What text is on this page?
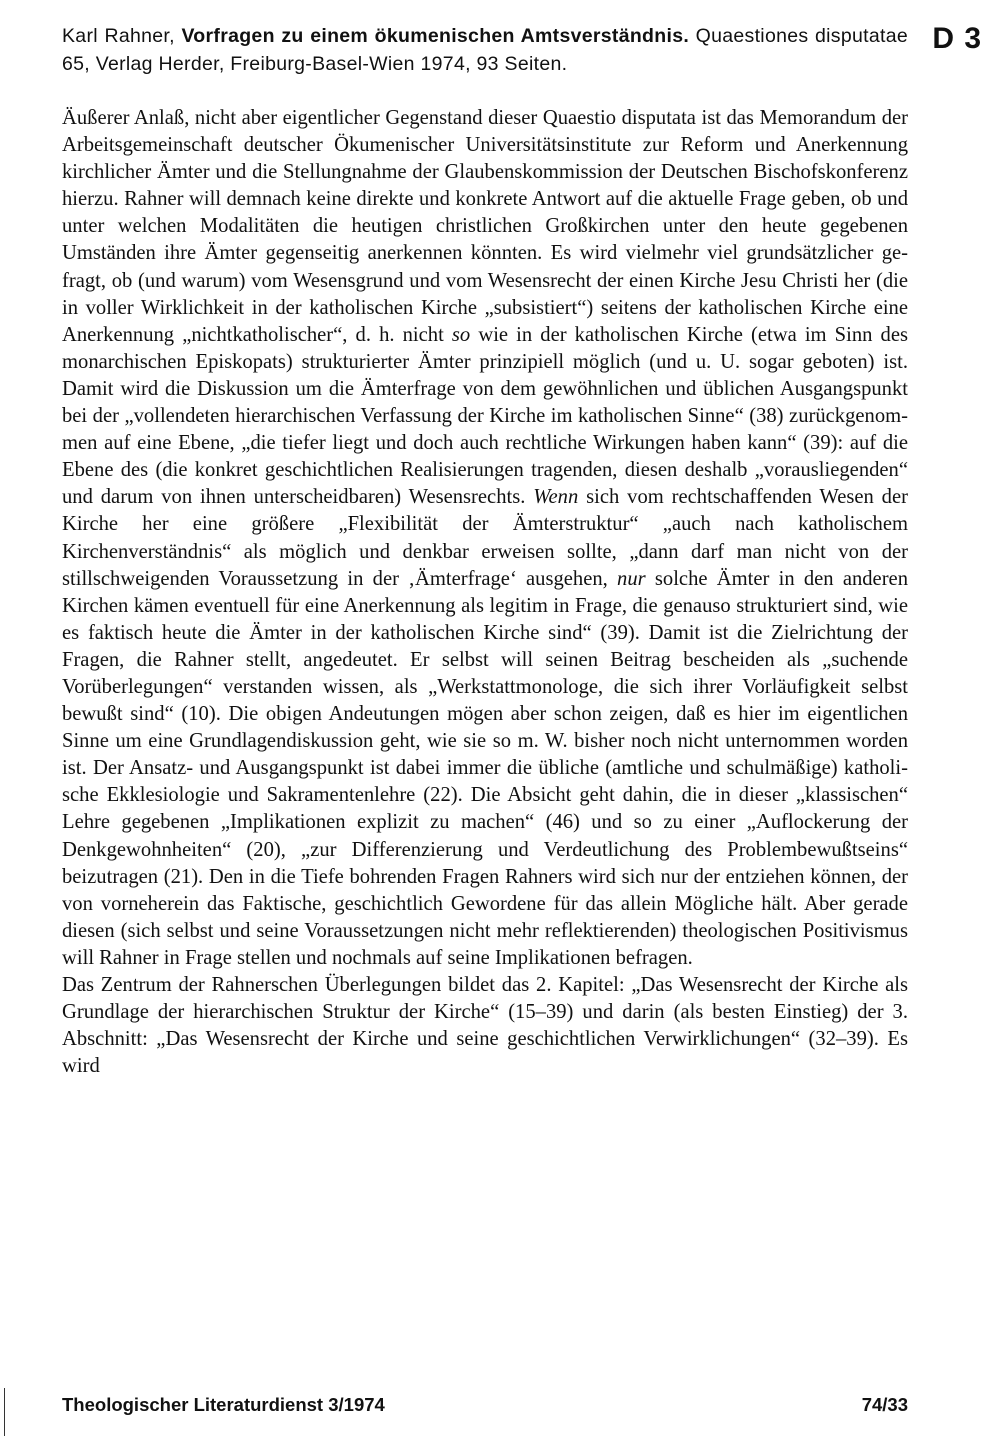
D 3
Karl Rahner, Vorfragen zu einem ökumenischen Amtsverständnis. Quaestiones disputatae 65, Verlag Herder, Freiburg-Basel-Wien 1974, 93 Seiten.

Äußerer Anlaß, nicht aber eigentlicher Gegenstand dieser Quaestio disputata ist das Memorandum der Arbeitsgemeinschaft deutscher Ökumenischer Universitätsinstitute zur Reform und Anerkennung kirchlicher Ämter und die Stellungnahme der Glaubenskommission der Deutschen Bischofskonferenz hierzu. Rahner will demnach keine direkte und konkrete Antwort auf die aktuelle Frage geben, ob und unter welchen Modalitäten die heutigen christlichen Großkirchen unter den heute gegebenen Umständen ihre Ämter gegenseitig anerkennen könnten. Es wird vielmehr viel grundsätzlicher gefragt, ob (und warum) vom Wesensgrund und vom Wesensrecht der einen Kirche Jesu Christi her (die in voller Wirklichkeit in der katholischen Kirche „subsistiert“) seitens der katholischen Kirche eine Anerkennung „nichtkatholischer“, d. h. nicht so wie in der katholischen Kirche (etwa im Sinn des monarchischen Episkopats) strukturierter Ämter prinzipiell möglich (und u. U. sogar geboten) ist. Damit wird die Diskussion um die Ämterfrage von dem gewöhnlichen und üblichen Ausgangspunkt bei der „vollendeten hierarchischen Verfassung der Kirche im katholischen Sinne“ (38) zurückgenommen auf eine Ebene, „die tiefer liegt und doch auch rechtliche Wirkungen haben kann“ (39): auf die Ebene des (die konkret geschichtlichen Realisierungen tragenden, diesen deshalb „vorausliegenden“ und darum von ihnen unterscheidbaren) Wesensrechts. Wenn sich vom rechtschaffenden Wesen der Kirche her eine größere „Flexibilität der Ämterstruktur“ „auch nach katholischem Kirchenverständnis“ als möglich und denkbar erweisen sollte, „dann darf man nicht von der stillschweigenden Voraussetzung in der ‚Ämterfrage‘ ausgehen, nur solche Ämter in den anderen Kirchen kämen eventuell für eine Anerkennung als legitim in Frage, die genauso strukturiert sind, wie es faktisch heute die Ämter in der katholischen Kirche sind“ (39). Damit ist die Zielrichtung der Fragen, die Rahner stellt, angedeutet. Er selbst will seinen Beitrag bescheiden als „suchende Vorüberlegungen“ verstanden wissen, als „Werkstattmonologe, die sich ihrer Vorläufigkeit selbst bewußt sind“ (10). Die obigen Andeutungen mögen aber schon zeigen, daß es hier im eigentlichen Sinne um eine Grundlagendiskussion geht, wie sie so m. W. bisher noch nicht unternommen worden ist. Der Ansatz- und Ausgangspunkt ist dabei immer die übliche (amtliche und schulmäßige) katholische Ekklesiologie und Sakramentenlehre (22). Die Absicht geht dahin, die in dieser „klassischen“ Lehre gegebenen „Implikationen explizit zu machen“ (46) und so zu einer „Auflockerung der Denkgewohnheiten“ (20), „zur Differenzierung und Verdeutlichung des Problembewußtseins“ beizutragen (21). Den in die Tiefe bohrenden Fragen Rahners wird sich nur der entziehen können, der von vorneherein das Faktische, geschichtlich Gewordene für das allein Mögliche hält. Aber gerade diesen (sich selbst und seine Voraussetzungen nicht mehr reflektierenden) theologischen Positivismus will Rahner in Frage stellen und nochmals auf seine Implikationen befragen.

Das Zentrum der Rahnerschen Überlegungen bildet das 2. Kapitel: „Das Wesensrecht der Kirche als Grundlage der hierarchischen Struktur der Kirche“ (15–39) und darin (als besten Einstieg) der 3. Abschnitt: „Das Wesensrecht der Kirche und seine geschichtlichen Verwirklichungen“ (32–39). Es wird

Theologischer Literaturdienst 3/1974	74/33
